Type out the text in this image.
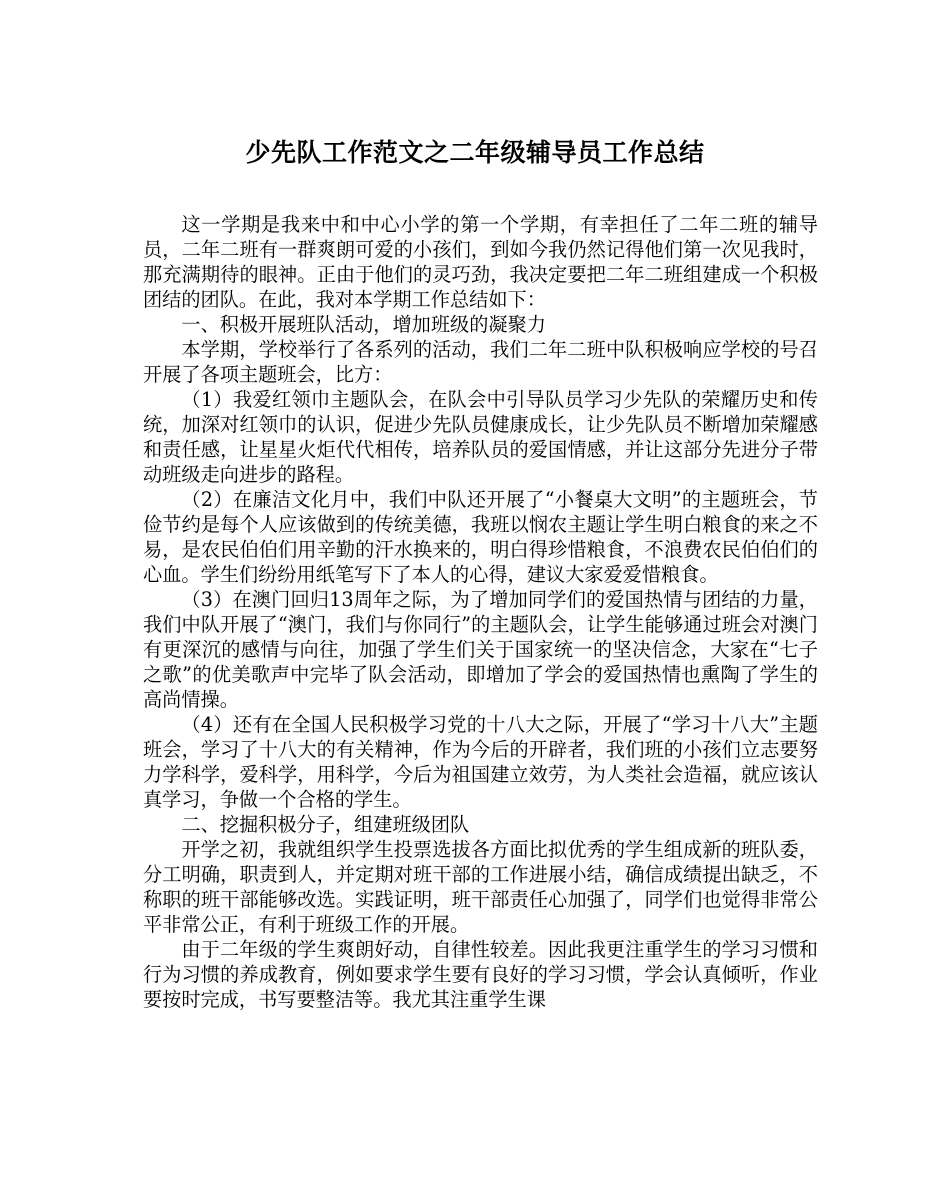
少先队工作范文之二年级辅导员工作总结

这一学期是我来中和中心小学的第一个学期，有幸担任了二年二班的辅导员，二年二班有一群爽朗可爱的小孩们，到如今我仍然记得他们第一次见我时，那充满期待的眼神。正由于他们的灵巧劲，我决定要把二年二班组建成一个积极团结的团队。在此，我对本学期工作总结如下：

一、积极开展班队活动，增加班级的凝聚力

本学期，学校举行了各系列的活动，我们二年二班中队积极响应学校的号召开展了各项主题班会，比方：

（1）我爱红领巾主题队会，在队会中引导队员学习少先队的荣耀历史和传统，加深对红领巾的认识，促进少先队员健康成长，让少先队员不断增加荣耀感和责任感，让星星火炬代代相传，培养队员的爱国情感，并让这部分先进分子带动班级走向进步的路程。

（2）在廉洁文化月中，我们中队还开展了“小餐桌大文明”的主题班会，节俭节约是每个人应该做到的传统美德，我班以悯农主题让学生明白粮食的来之不易，是农民伯伯们用辛勤的汗水换来的，明白得珍惜粮食，不浪费农民伯伯们的心血。学生们纷纷用纸笔写下了本人的心得，建议大家爱爱惜粮食。

（3）在澳门回归13周年之际，为了增加同学们的爱国热情与团结的力量，我们中队开展了“澳门，我们与你同行”的主题队会，让学生能够通过班会对澳门有更深沉的感情与向往，加强了学生们关于国家统一的坚决信念，大家在“七子之歌”的优美歌声中完毕了队会活动，即增加了学会的爱国热情也熏陶了学生的高尚情操。

（4）还有在全国人民积极学习党的十八大之际，开展了“学习十八大”主题班会，学习了十八大的有关精神，作为今后的开辟者，我们班的小孩们立志要努力学科学，爱科学，用科学，今后为祖国建立效劳，为人类社会造福，就应该认真学习，争做一个合格的学生。

二、挖掘积极分子，组建班级团队

开学之初，我就组织学生投票选拔各方面比拟优秀的学生组成新的班队委，分工明确，职责到人，并定期对班干部的工作进展小结，确信成绩提出缺乏，不称职的班干部能够改选。实践证明，班干部责任心加强了，同学们也觉得非常公平非常公正，有利于班级工作的开展。

由于二年级的学生爽朗好动，自律性较差。因此我更注重学生的学习习惯和行为习惯的养成教育，例如要求学生要有良好的学习习惯，学会认真倾听，作业要按时完成，书写要整洁等。我尤其注重学生课
